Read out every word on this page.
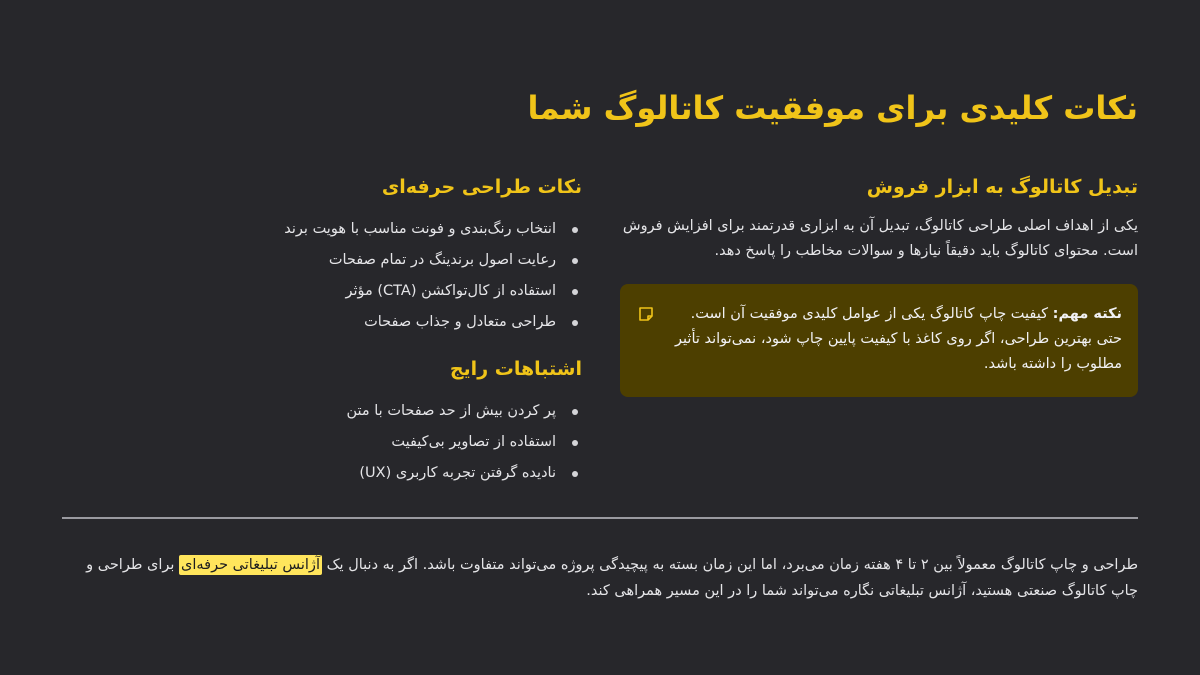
نکات کلیدی برای موفقیت کاتالوگ شما
تبدیل کاتالوگ به ابزار فروش

یکی از اهداف اصلی طراحی کاتالوگ، تبدیل آن به ابزاری قدرتمند برای افزایش فروش است. محتوای کاتالوگ باید دقیقاً نیازها و سوالات مخاطب را پاسخ دهد.

نکته مهم: کیفیت چاپ کاتالوگ یکی از عوامل کلیدی موفقیت آن است. حتی بهترین طراحی، اگر روی کاغذ با کیفیت پایین چاپ شود، نمی‌تواند تأثیر مطلوب را داشته باشد.
نکات طراحی حرفه‌ای
انتخاب رنگ‌بندی و فونت مناسب با هویت برند
رعایت اصول برندینگ در تمام صفحات
استفاده از کال‌تواکشن (CTA) مؤثر
طراحی متعادل و جذاب صفحات
اشتباهات رایج
پر کردن بیش از حد صفحات با متن
استفاده از تصاویر بی‌کیفیت
نادیده گرفتن تجربه کاربری (UX)

طراحی و چاپ کاتالوگ معمولاً بین ۲ تا ۴ هفته زمان می‌برد، اما این زمان بسته به پیچیدگی پروژه می‌تواند متفاوت باشد. اگر به دنبال یک آژانس تبلیغاتی حرفه‌ای برای طراحی و چاپ کاتالوگ صنعتی هستید، آژانس تبلیغاتی نگاره می‌تواند شما را در این مسیر همراهی کند.
